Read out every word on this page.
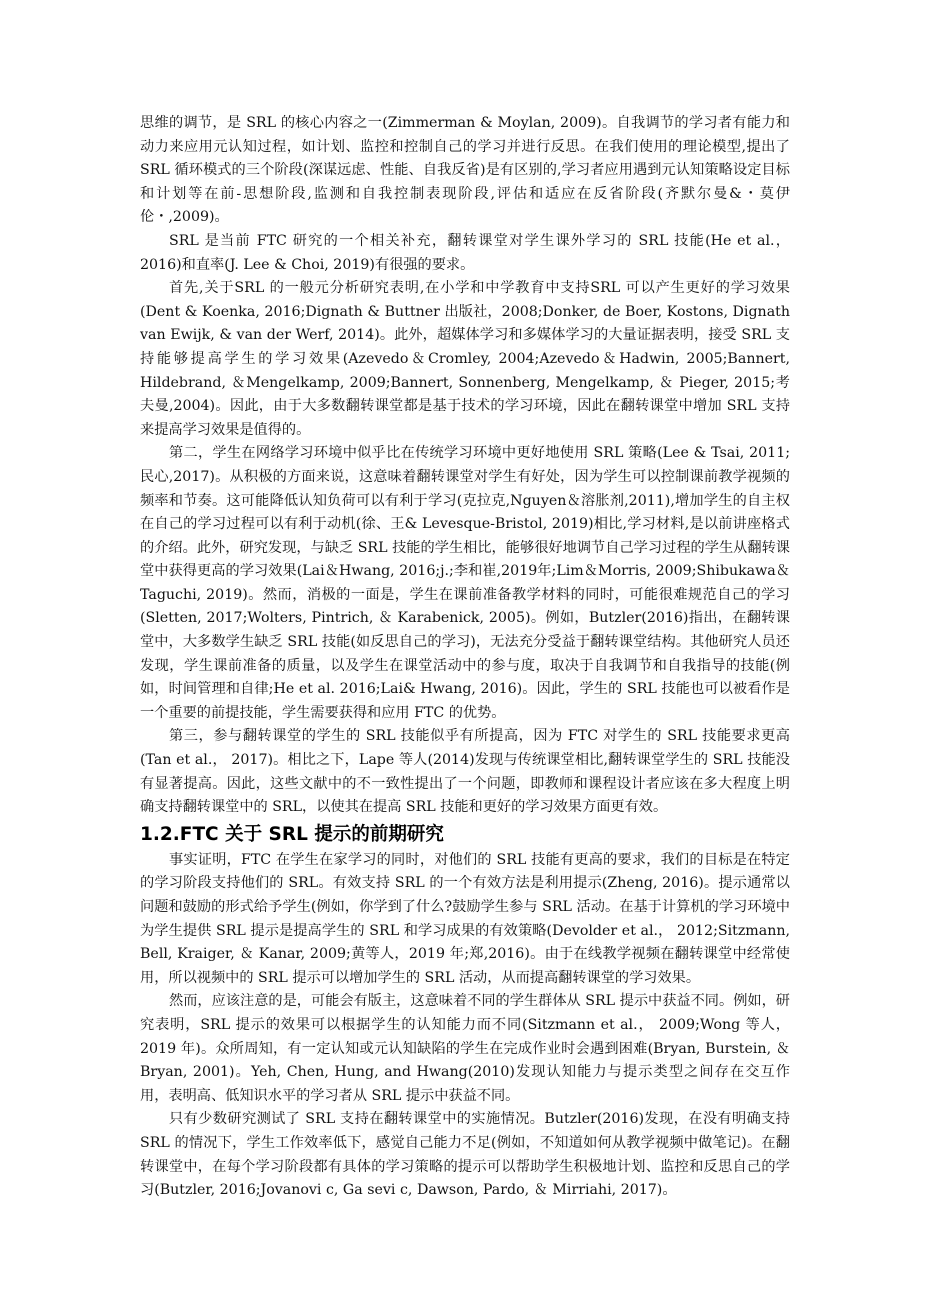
思维的调节，是 SRL 的核心内容之一(Zimmerman & Moylan, 2009)。自我调节的学习者有能力和动力来应用元认知过程，如计划、监控和控制自己的学习并进行反思。在我们使用的理论模型,提出了 SRL 循环模式的三个阶段(深谋远虑、性能、自我反省)是有区别的,学习者应用遇到元认知策略设定目标和计划等在前-思想阶段,监测和自我控制表现阶段,评估和适应在反省阶段(齐默尔曼&・莫伊伦・,2009)。

SRL 是当前 FTC 研究的一个相关补充，翻转课堂对学生课外学习的 SRL 技能(He et al.， 2016)和直率(J. Lee & Choi, 2019)有很强的要求。

首先,关于SRL 的一般元分析研究表明,在小学和中学教育中支持SRL 可以产生更好的学习效果(Dent & Koenka, 2016;Dignath & Buttner 出版社，2008;Donker, de Boer, Kostons, Dignath van Ewijk, & van der Werf, 2014)。此外，超媒体学习和多媒体学习的大量证据表明，接受 SRL 支持能够提高学生的学习效果(Azevedo＆Cromley, 2004;Azevedo＆Hadwin, 2005;Bannert, Hildebrand, ＆Mengelkamp, 2009;Bannert, Sonnenberg, Mengelkamp, ＆ Pieger, 2015;考夫曼,2004)。因此，由于大多数翻转课堂都是基于技术的学习环境，因此在翻转课堂中增加 SRL 支持来提高学习效果是值得的。

第二，学生在网络学习环境中似乎比在传统学习环境中更好地使用 SRL 策略(Lee & Tsai, 2011;民心,2017)。从积极的方面来说，这意味着翻转课堂对学生有好处，因为学生可以控制课前教学视频的频率和节奏。这可能降低认知负荷可以有利于学习(克拉克,Nguyen＆溶胀剂,2011),增加学生的自主权在自己的学习过程可以有利于动机(徐、王& Levesque-Bristol, 2019)相比,学习材料,是以前讲座格式的介绍。此外，研究发现，与缺乏 SRL 技能的学生相比，能够很好地调节自己学习过程的学生从翻转课堂中获得更高的学习效果(Lai＆Hwang, 2016;j.;李和崔,2019年;Lim＆Morris, 2009;Shibukawa＆Taguchi, 2019)。然而，消极的一面是，学生在课前准备教学材料的同时，可能很难规范自己的学习(Sletten, 2017;Wolters, Pintrich, ＆ Karabenick, 2005)。例如，Butzler(2016)指出，在翻转课堂中，大多数学生缺乏 SRL 技能(如反思自己的学习)，无法充分受益于翻转课堂结构。其他研究人员还发现，学生课前准备的质量，以及学生在课堂活动中的参与度，取决于自我调节和自我指导的技能(例如，时间管理和自律;He et al. 2016;Lai& Hwang, 2016)。因此，学生的 SRL 技能也可以被看作是一个重要的前提技能，学生需要获得和应用 FTC 的优势。

第三，参与翻转课堂的学生的 SRL 技能似乎有所提高，因为 FTC 对学生的 SRL 技能要求更高(Tan et al.， 2017)。相比之下，Lape 等人(2014)发现与传统课堂相比,翻转课堂学生的 SRL 技能没有显著提高。因此，这些文献中的不一致性提出了一个问题，即教师和课程设计者应该在多大程度上明确支持翻转课堂中的 SRL，以使其在提高 SRL 技能和更好的学习效果方面更有效。

1.2.FTC 关于 SRL 提示的前期研究

事实证明，FTC 在学生在家学习的同时，对他们的 SRL 技能有更高的要求，我们的目标是在特定的学习阶段支持他们的 SRL。有效支持 SRL 的一个有效方法是利用提示(Zheng, 2016)。提示通常以问题和鼓励的形式给予学生(例如，你学到了什么?鼓励学生参与 SRL 活动。在基于计算机的学习环境中为学生提供 SRL 提示是提高学生的 SRL 和学习成果的有效策略(Devolder et al.， 2012;Sitzmann, Bell, Kraiger, ＆ Kanar, 2009;黄等人，2019 年;郑,2016)。由于在线教学视频在翻转课堂中经常使用，所以视频中的 SRL 提示可以增加学生的 SRL 活动，从而提高翻转课堂的学习效果。

然而，应该注意的是，可能会有版主，这意味着不同的学生群体从 SRL 提示中获益不同。例如，研究表明，SRL 提示的效果可以根据学生的认知能力而不同(Sitzmann et al.， 2009;Wong 等人，2019 年)。众所周知，有一定认知或元认知缺陷的学生在完成作业时会遇到困难(Bryan, Burstein, ＆Bryan, 2001)。Yeh, Chen, Hung, and Hwang(2010)发现认知能力与提示类型之间存在交互作用，表明高、低知识水平的学习者从 SRL 提示中获益不同。

只有少数研究测试了 SRL 支持在翻转课堂中的实施情况。Butzler(2016)发现，在没有明确支持 SRL 的情况下，学生工作效率低下，感觉自己能力不足(例如，不知道如何从教学视频中做笔记)。在翻转课堂中，在每个学习阶段都有具体的学习策略的提示可以帮助学生积极地计划、监控和反思自己的学习(Butzler, 2016;Jovanovi c, Ga sevi c, Dawson, Pardo, ＆ Mirriahi, 2017)。
